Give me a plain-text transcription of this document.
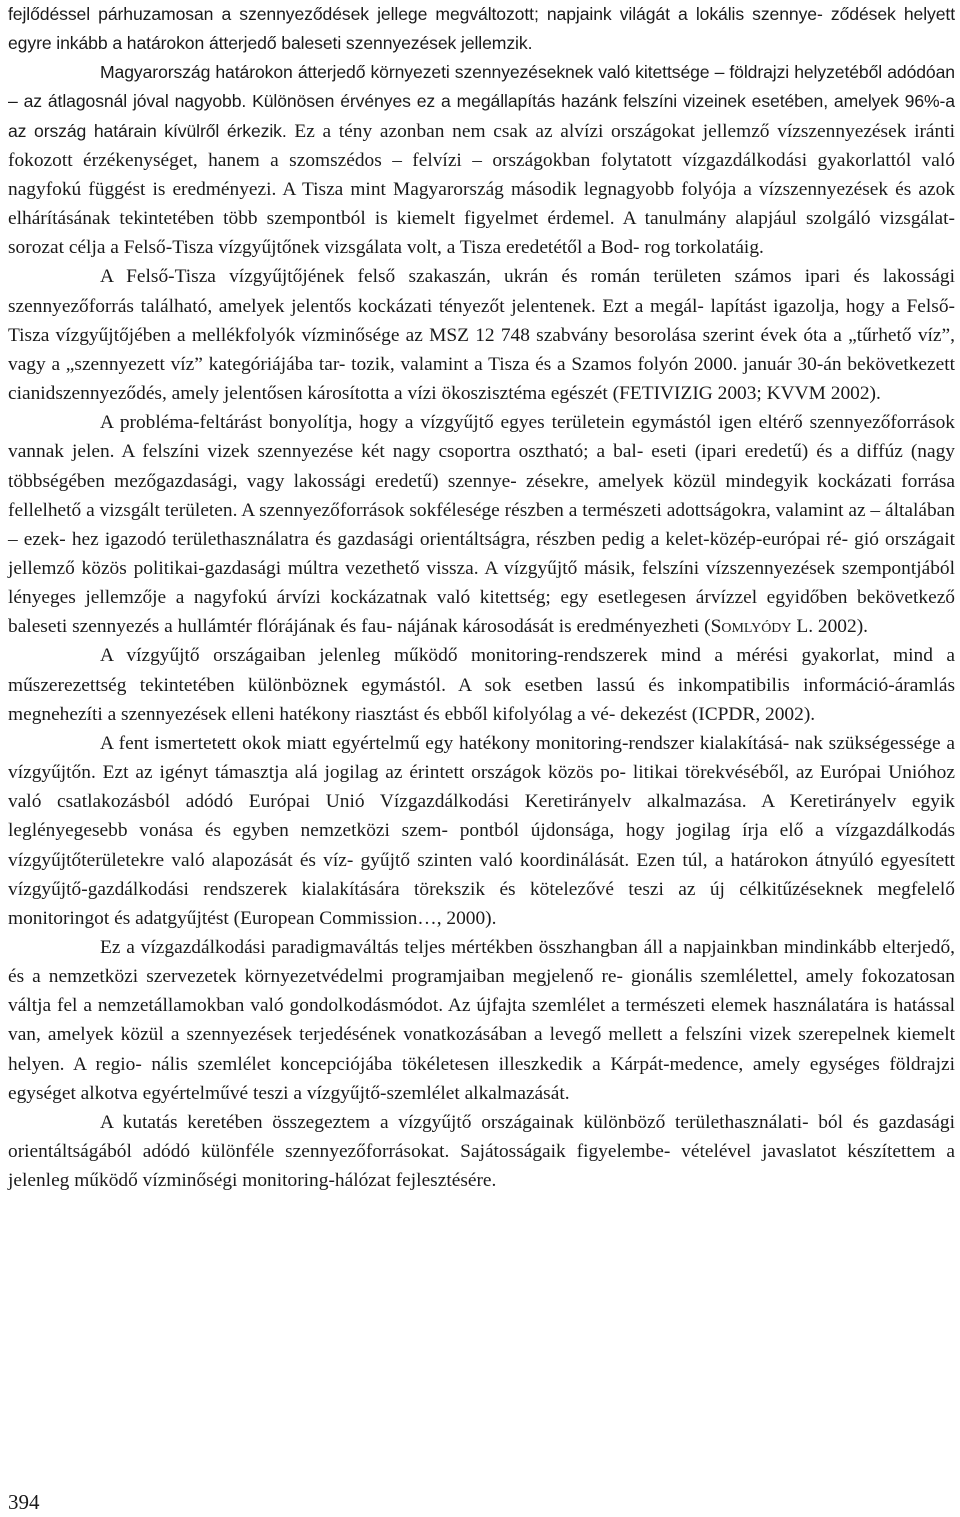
fejlődéssel párhuzamosan a szennyeződések jellege megváltozott; napjaink világát a lokális szennye- ződések helyett egyre inkább a határokon átterjedő baleseti szennyezések jellemzik.

Magyarország határokon átterjedő környezeti szennyezéseknek való kitettsége – földrajzi helyzetéből adódóan – az átlagosnál jóval nagyobb. Különösen érvényes ez a megállapítás hazánk felszíni vizeinek esetében, amelyek 96%-a az ország határain kívülről érkezik. Ez a tény azonban nem csak az alvízi országokat jellemző vízszennyezések iránti fokozott érzékenységet, hanem a szomszédos – felvízi – országokban folytatott vízgazdálkodási gyakorlattól való nagyfokú függést is eredményezi. A Tisza mint Magyarország második legnagyobb folyója a vízszennyezések és azok elhárításának tekintetében több szempontból is kiemelt figyelmet érdemel. A tanulmány alapjául szolgáló vizsgálat-sorozat célja a Felső-Tisza vízgyűjtőnek vizsgálata volt, a Tisza eredetétől a Bod- rog torkolatáig.

A Felső-Tisza vízgyűjtőjének felső szakaszán, ukrán és román területen számos ipari és lakossági szennyezőforrás található, amelyek jelentős kockázati tényezőt jelentenek. Ezt a megál- lapítást igazolja, hogy a Felső-Tisza vízgyűjtőjében a mellékfolyók vízminősége az MSZ 12 748 szabvány besorolása szerint évek óta a „tűrhető víz”, vagy a „szennyezett víz” kategóriájába tar- tozik, valamint a Tisza és a Szamos folyón 2000. január 30-án bekövetkezett cianidszennyeződés, amely jelentősen károsította a vízi ökoszisztéma egészét (FETIVIZIG 2003; KVVM 2002).

A probléma-feltárást bonyolítja, hogy a vízgyűjtő egyes területein egymástól igen eltérő szennyezőforrások vannak jelen. A felszíni vizek szennyezése két nagy csoportra osztható; a bal- eseti (ipari eredetű) és a diffúz (nagy többségében mezőgazdasági, vagy lakossági eredetű) szennye- zésekre, amelyek közül mindegyik kockázati forrása fellelhető a vizsgált területen. A szennyezőforrások sokfélesége részben a természeti adottságokra, valamint az – általában – ezek- hez igazodó területhasználatra és gazdasági orientáltságra, részben pedig a kelet-közép-európai ré- gió országait jellemző közös politikai-gazdasági múltra vezethető vissza. A vízgyűjtő másik, felszíni vízszennyezések szempontjából lényeges jellemzője a nagyfokú árvízi kockázatnak való kitettség; egy esetlegesen árvízzel egyidőben bekövetkező baleseti szennyezés a hullámtér flórájának és fau- nájának károsodását is eredményezheti (Somlyódy L. 2002).

A vízgyűjtő országaiban jelenleg működő monitoring-rendszerek mind a mérési gyakorlat, mind a műszerezettség tekintetében különböznek egymástól. A sok esetben lassú és inkompatibilis információ-áramlás megnehezíti a szennyezések elleni hatékony riasztást és ebből kifolyólag a vé- dekezést (ICPDR, 2002).

A fent ismertetett okok miatt egyértelmű egy hatékony monitoring-rendszer kialakításá- nak szükségessége a vízgyűjtőn. Ezt az igényt támasztja alá jogilag az érintett országok közös po- litikai törekvéséből, az Európai Unióhoz való csatlakozásból adódó Európai Unió Vízgazdálkodási Keretirányelv alkalmazása. A Keretirányelv egyik leglényegesebb vonása és egyben nemzetközi szem- pontból újdonsága, hogy jogilag írja elő a vízgazdálkodás vízgyűjtőterületekre való alapozását és víz- gyűjtő szinten való koordinálását. Ezen túl, a határokon átnyúló egyesített vízgyűjtő-gazdálkodási rendszerek kialakítására törekszik és kötelezővé teszi az új célkitűzéseknek megfelelő monitoringot és adatgyűjtést (European Commission…, 2000).

Ez a vízgazdálkodási paradigmaváltás teljes mértékben összhangban áll a napjainkban mindinkább elterjedő, és a nemzetközi szervezetek környezetvédelmi programjaiban megjelenő re- gionális szemlélettel, amely fokozatosan váltja fel a nemzetállamokban való gondolkodásmódot. Az újfajta szemlélet a természeti elemek használatára is hatással van, amelyek közül a szennyezések terjedésének vonatkozásában a levegő mellett a felszíni vizek szerepelnek kiemelt helyen. A regio- nális szemlélet koncepciójába tökéletesen illeszkedik a Kárpát-medence, amely egységes földrajzi egységet alkotva egyértelművé teszi a vízgyűjtő-szemlélet alkalmazását.

A kutatás keretében összegeztem a vízgyűjtő országainak különböző területhasználati- ból és gazdasági orientáltságából adódó különféle szennyezőforrásokat. Sajátosságaik figyelembe- vételével javaslatot készítettem a jelenleg működő vízminőségi monitoring-hálózat fejlesztésére.

394
